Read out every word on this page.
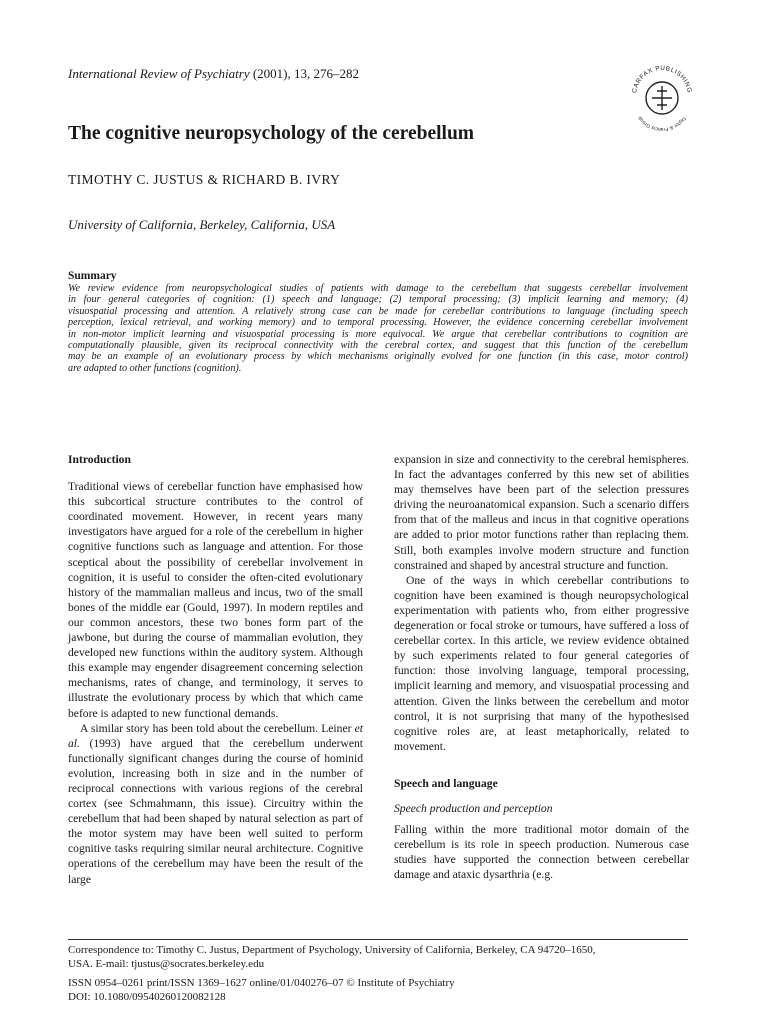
International Review of Psychiatry (2001), 13, 276–282
CARFAX PUBLISHING
Taylor & Francis Group
The cognitive neuropsychology of the cerebellum
TIMOTHY C. JUSTUS & RICHARD B. IVRY
University of California, Berkeley, California, USA
Summary
We review evidence from neuropsychological studies of patients with damage to the cerebellum that suggests cerebellar involvement
in four general categories of cognition: (1) speech and language; (2) temporal processing; (3) implicit learning and memory; (4)
visuospatial processing and attention. A relatively strong case can be made for cerebellar contributions to language (including speech
perception, lexical retrieval, and working memory) and to temporal processing. However, the evidence concerning cerebellar involvement
in non-motor implicit learning and visuospatial processing is more equivocal. We argue that cerebellar contributions to cognition are
computationally plausible, given its reciprocal connectivity with the cerebral cortex, and suggest that this function of the cerebellum
may be an example of an evolutionary process by which mechanisms originally evolved for one function (in this case, motor control)
are adapted to other functions (cognition).

Introduction

Traditional views of cerebellar function have emphasised how this subcortical structure contributes to the control of coordinated movement. However, in recent years many investigators have argued for a role of the cerebellum in higher cognitive functions such as language and attention. For those sceptical about the possibility of cerebellar involvement in cognition, it is useful to consider the often-cited evolutionary history of the mammalian malleus and incus, two of the small bones of the middle ear (Gould, 1997). In modern reptiles and our common ancestors, these two bones form part of the jawbone, but during the course of mammalian evolution, they developed new functions within the auditory system. Although this example may engender disagreement concerning selection mechanisms, rates of change, and terminology, it serves to illustrate the evolutionary process by which that which came before is adapted to new functional demands.

A similar story has been told about the cerebellum. Leiner et al. (1993) have argued that the cerebellum underwent functionally significant changes during the course of hominid evolution, increasing both in size and in the number of reciprocal connections with various regions of the cerebral cortex (see Schmahmann, this issue). Circuitry within the cerebellum that had been shaped by natural selection as part of the motor system may have been well suited to perform cognitive tasks requiring similar neural architecture. Cognitive operations of the cerebellum may have been the result of the large

expansion in size and connectivity to the cerebral hemispheres. In fact the advantages conferred by this new set of abilities may themselves have been part of the selection pressures driving the neuroanatomical expansion. Such a scenario differs from that of the malleus and incus in that cognitive operations are added to prior motor functions rather than replacing them. Still, both examples involve modern structure and function constrained and shaped by ancestral structure and function.

One of the ways in which cerebellar contributions to cognition have been examined is though neuropsychological experimentation with patients who, from either progressive degeneration or focal stroke or tumours, have suffered a loss of cerebellar cortex. In this article, we review evidence obtained by such experiments related to four general categories of function: those involving language, temporal processing, implicit learning and memory, and visuospatial processing and attention. Given the links between the cerebellum and motor control, it is not surprising that many of the hypothesised cognitive roles are, at least metaphorically, related to movement.

Speech and language

Speech production and perception

Falling within the more traditional motor domain of the cerebellum is its role in speech production. Numerous case studies have supported the connection between cerebellar damage and ataxic dysarthria (e.g.

Correspondence to: Timothy C. Justus, Department of Psychology, University of California, Berkeley, CA 94720–1650,
USA. E-mail: tjustus@socrates.berkeley.edu
ISSN 0954–0261 print/ISSN 1369–1627 online/01/040276–07 © Institute of Psychiatry
DOI: 10.1080/09540260120082128
